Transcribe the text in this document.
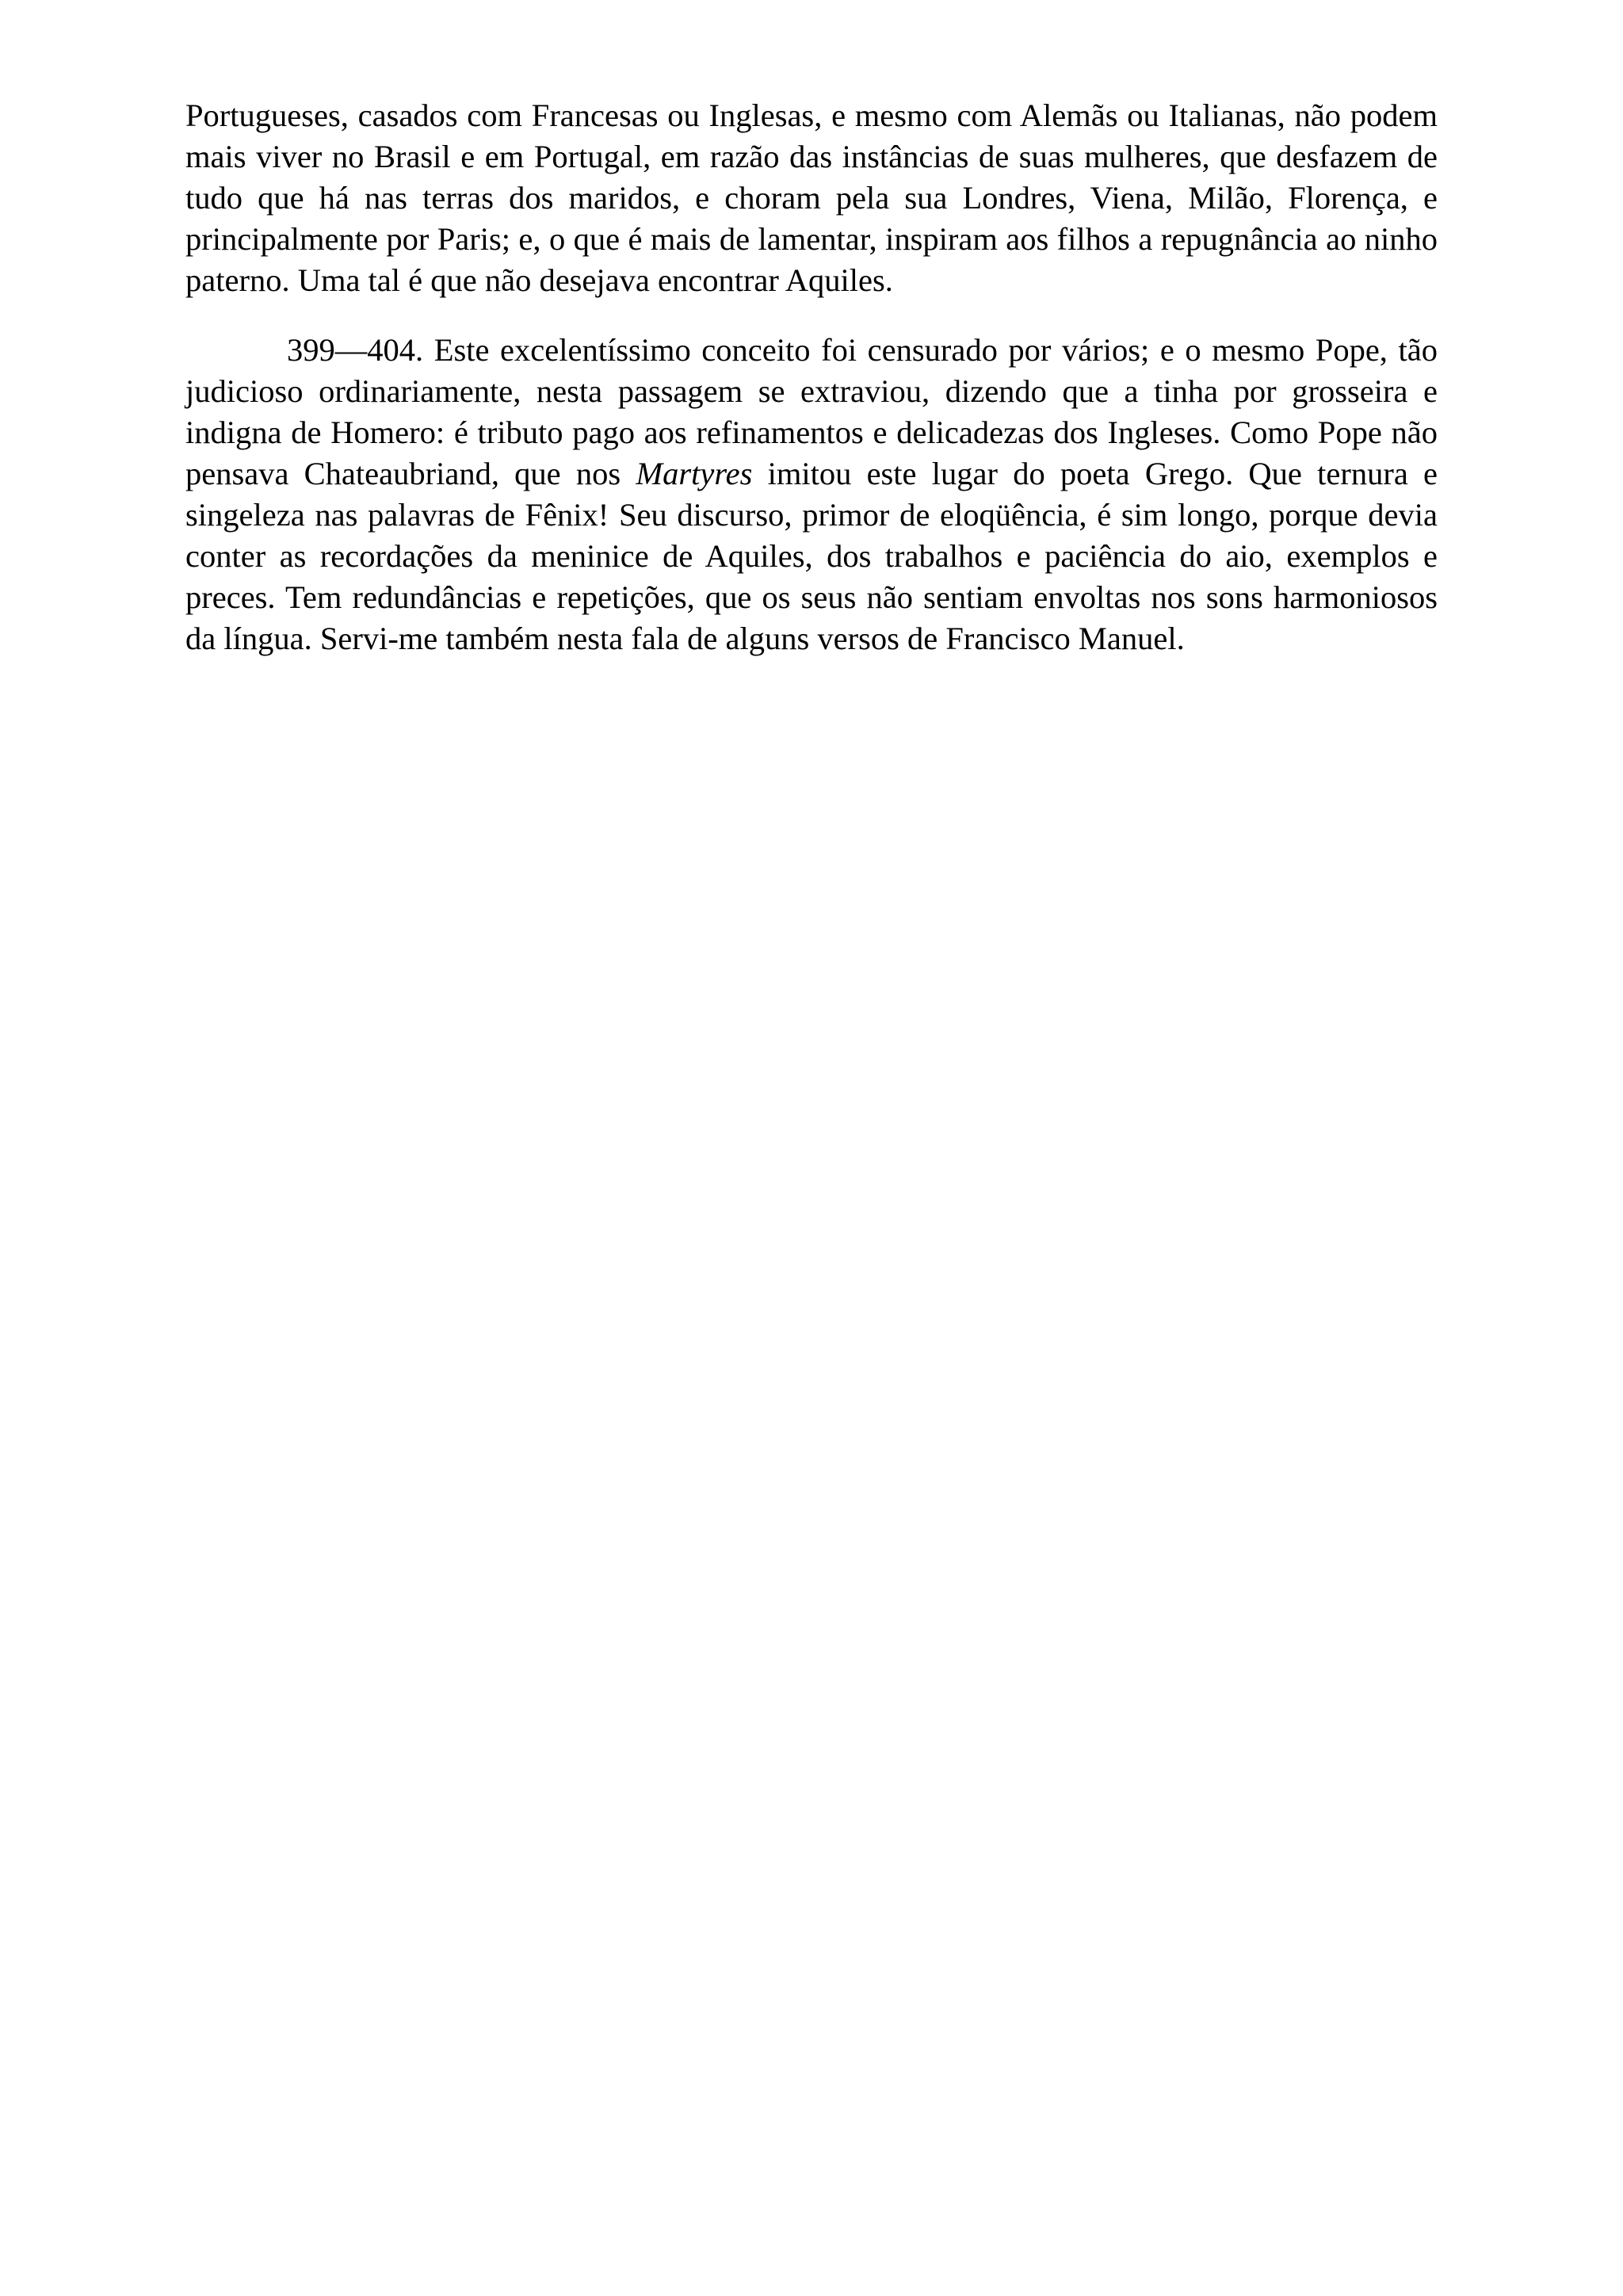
Portugueses, casados com Francesas ou Inglesas, e mesmo com Alemãs ou Italianas, não podem mais viver no Brasil e em Portugal, em razão das instâncias de suas mulheres, que desfazem de tudo que há nas terras dos maridos, e choram pela sua Londres, Viena, Milão, Florença, e principalmente por Paris; e, o que é mais de lamentar, inspiram aos filhos a repugnância ao ninho paterno. Uma tal é que não desejava encontrar Aquiles.

399—404. Este excelentíssimo conceito foi censurado por vários; e o mesmo Pope, tão judicioso ordinariamente, nesta passagem se extraviou, dizendo que a tinha por grosseira e indigna de Homero: é tributo pago aos refinamentos e delicadezas dos Ingleses. Como Pope não pensava Chateaubriand, que nos Martyres imitou este lugar do poeta Grego. Que ternura e singeleza nas palavras de Fênix! Seu discurso, primor de eloqüência, é sim longo, porque devia conter as recordações da meninice de Aquiles, dos trabalhos e paciência do aio, exemplos e preces. Tem redundâncias e repetições, que os seus não sentiam envoltas nos sons harmoniosos da língua. Servi-me também nesta fala de alguns versos de Francisco Manuel.
